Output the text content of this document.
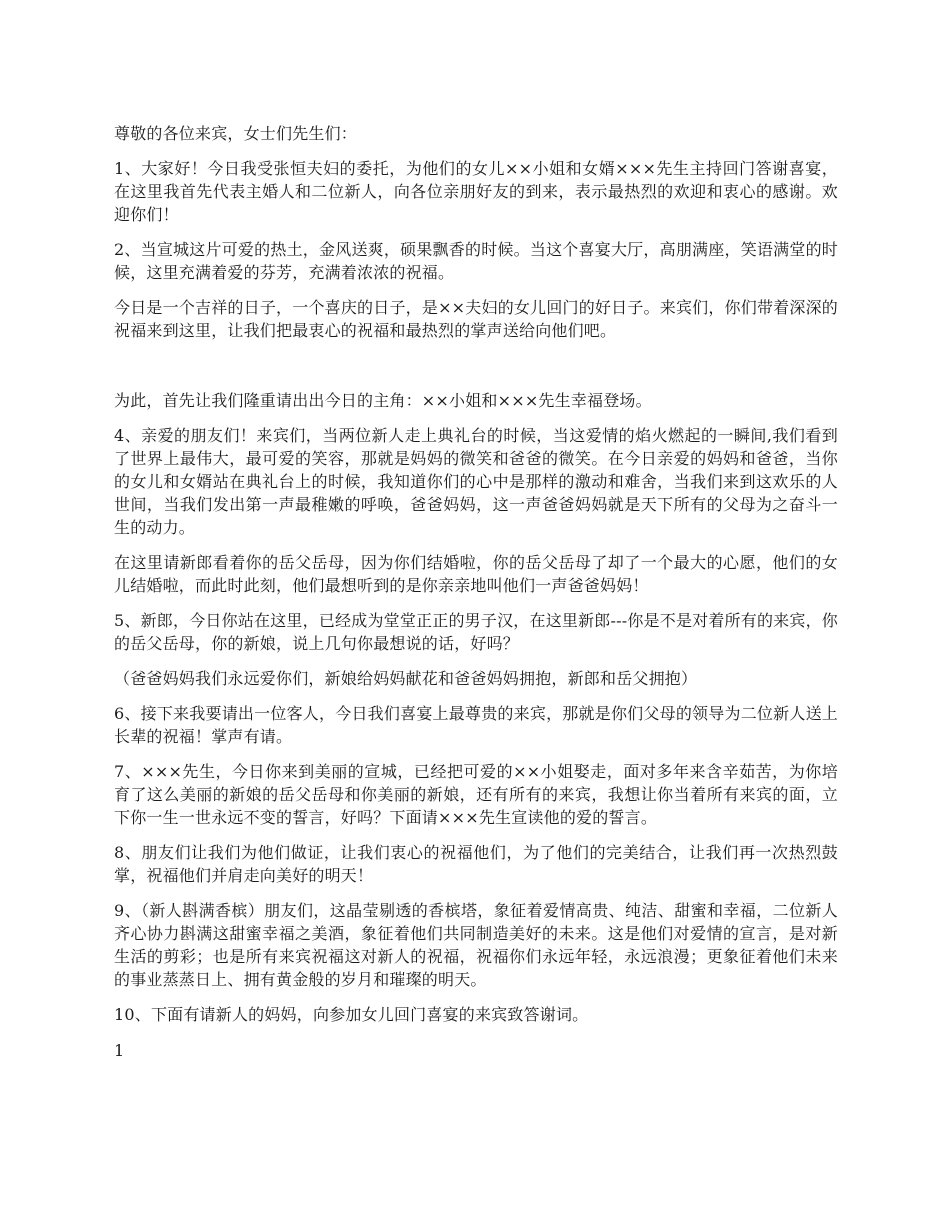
尊敬的各位来宾，女士们先生们：

1、大家好！今日我受张恒夫妇的委托，为他们的女儿××小姐和女婿×××先生主持回门答谢喜宴，在这里我首先代表主婚人和二位新人，向各位亲朋好友的到来，表示最热烈的欢迎和衷心的感谢。欢迎你们！

2、当宣城这片可爱的热土，金风送爽，硕果飘香的时候。当这个喜宴大厅，高朋满座，笑语满堂的时候，这里充满着爱的芬芳，充满着浓浓的祝福。

今日是一个吉祥的日子，一个喜庆的日子，是××夫妇的女儿回门的好日子。来宾们，你们带着深深的祝福来到这里，让我们把最衷心的祝福和最热烈的掌声送给向他们吧。

为此，首先让我们隆重请出出今日的主角：××小姐和×××先生幸福登场。

4、亲爱的朋友们！来宾们，当两位新人走上典礼台的时候，当这爱情的焰火燃起的一瞬间,我们看到了世界上最伟大，最可爱的笑容，那就是妈妈的微笑和爸爸的微笑。在今日亲爱的妈妈和爸爸，当你的女儿和女婿站在典礼台上的时候，我知道你们的心中是那样的激动和难舍，当我们来到这欢乐的人世间，当我们发出第一声最稚嫩的呼唤，爸爸妈妈，这一声爸爸妈妈就是天下所有的父母为之奋斗一生的动力。

在这里请新郎看着你的岳父岳母，因为你们结婚啦，你的岳父岳母了却了一个最大的心愿，他们的女儿结婚啦，而此时此刻，他们最想听到的是你亲亲地叫他们一声爸爸妈妈！

5、新郎，今日你站在这里，已经成为堂堂正正的男子汉，在这里新郎---你是不是对着所有的来宾，你的岳父岳母，你的新娘，说上几句你最想说的话，好吗？

（爸爸妈妈我们永远爱你们，新娘给妈妈献花和爸爸妈妈拥抱，新郎和岳父拥抱）

6、接下来我要请出一位客人，今日我们喜宴上最尊贵的来宾，那就是你们父母的领导为二位新人送上长辈的祝福！掌声有请。

7、×××先生，今日你来到美丽的宣城，已经把可爱的××小姐娶走，面对多年来含辛茹苦，为你培育了这么美丽的新娘的岳父岳母和你美丽的新娘，还有所有的来宾，我想让你当着所有来宾的面，立下你一生一世永远不变的誓言，好吗？下面请×××先生宣读他的爱的誓言。

8、朋友们让我们为他们做证，让我们衷心的祝福他们，为了他们的完美结合，让我们再一次热烈鼓掌，祝福他们并肩走向美好的明天！

9、（新人斟满香槟）朋友们，这晶莹剔透的香槟塔，象征着爱情高贵、纯洁、甜蜜和幸福，二位新人齐心协力斟满这甜蜜幸福之美酒，象征着他们共同制造美好的未来。这是他们对爱情的宣言，是对新生活的剪彩；也是所有来宾祝福这对新人的祝福，祝福你们永远年轻，永远浪漫；更象征着他们未来的事业蒸蒸日上、拥有黄金般的岁月和璀璨的明天。

10、下面有请新人的妈妈，向参加女儿回门喜宴的来宾致答谢词。

1
